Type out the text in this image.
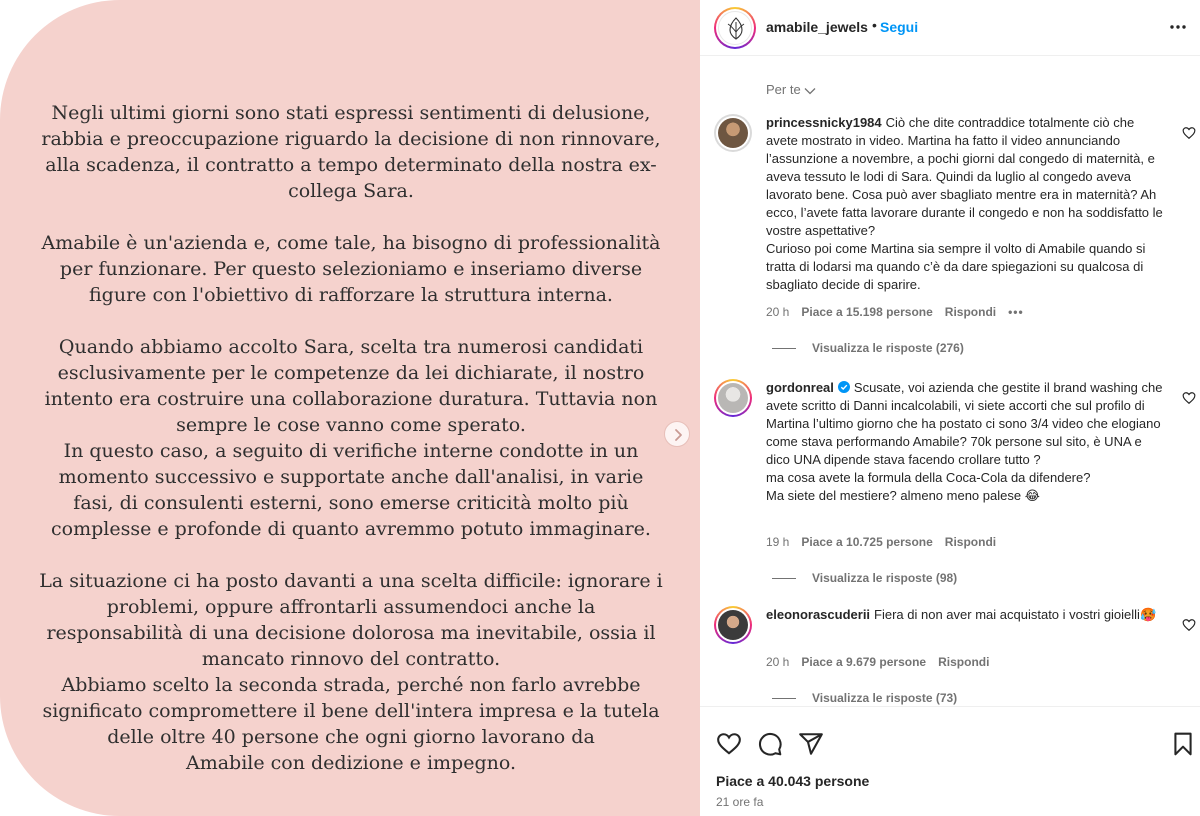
Negli ultimi giorni sono stati espressi sentimenti di delusione,
rabbia e preoccupazione riguardo la decisione di non rinnovare,
alla scadenza, il contratto a tempo determinato della nostra ex-
collega Sara.

Amabile è un'azienda e, come tale, ha bisogno di professionalità
per funzionare. Per questo selezioniamo e inseriamo diverse
figure con l'obiettivo di rafforzare la struttura interna.

Quando abbiamo accolto Sara, scelta tra numerosi candidati
esclusivamente per le competenze da lei dichiarate, il nostro
intento era costruire una collaborazione duratura. Tuttavia non
sempre le cose vanno come sperato.
In questo caso, a seguito di verifiche interne condotte in un
momento successivo e supportate anche dall'analisi, in varie
fasi, di consulenti esterni, sono emerse criticità molto più
complesse e profonde di quanto avremmo potuto immaginare.

La situazione ci ha posto davanti a una scelta difficile: ignorare i
problemi, oppure affrontarli assumendoci anche la
responsabilità di una decisione dolorosa ma inevitabile, ossia il
mancato rinnovo del contratto.
Abbiamo scelto la seconda strada, perché non farlo avrebbe
significato compromettere il bene dell'intera impresa e la tutela
delle oltre 40 persone che ogni giorno lavorano da
Amabile con dedizione e impegno.
amabile_jewels • Segui
Per te
princessnicky1984 Ciò che dite contraddice totalmente ciò che avete mostrato in video. Martina ha fatto il video annunciando l’assunzione a novembre, a pochi giorni dal congedo di maternità, e aveva tessuto le lodi di Sara. Quindi da luglio al congedo aveva lavorato bene. Cosa può aver sbagliato mentre era in maternità? Ah ecco, l’avete fatta lavorare durante il congedo e non ha soddisfatto le vostre aspettative?
Curioso poi come Martina sia sempre il volto di Amabile quando si tratta di lodarsi ma quando c’è da dare spiegazioni su qualcosa di sbagliato decide di sparire.
20 h Piace a 15.198 persone Rispondi •••
Visualizza le risposte (276)
gordonreal Scusate, voi azienda che gestite il brand washing che avete scritto di Danni incalcolabili, vi siete accorti che sul profilo di Martina l’ultimo giorno che ha postato ci sono 3/4 video che elogiano come stava performando Amabile? 70k persone sul sito, è UNA e dico UNA dipende stava facendo crollare tutto ?
ma cosa avete la formula della Coca-Cola da difendere?
Ma siete del mestiere? almeno meno palese 😂
19 h Piace a 10.725 persone Rispondi
Visualizza le risposte (98)
eleonorascuderii Fiera di non aver mai acquistato i vostri gioielli🥵
20 h Piace a 9.679 persone Rispondi
Visualizza le risposte (73)
Piace a 40.043 persone
21 ore fa
